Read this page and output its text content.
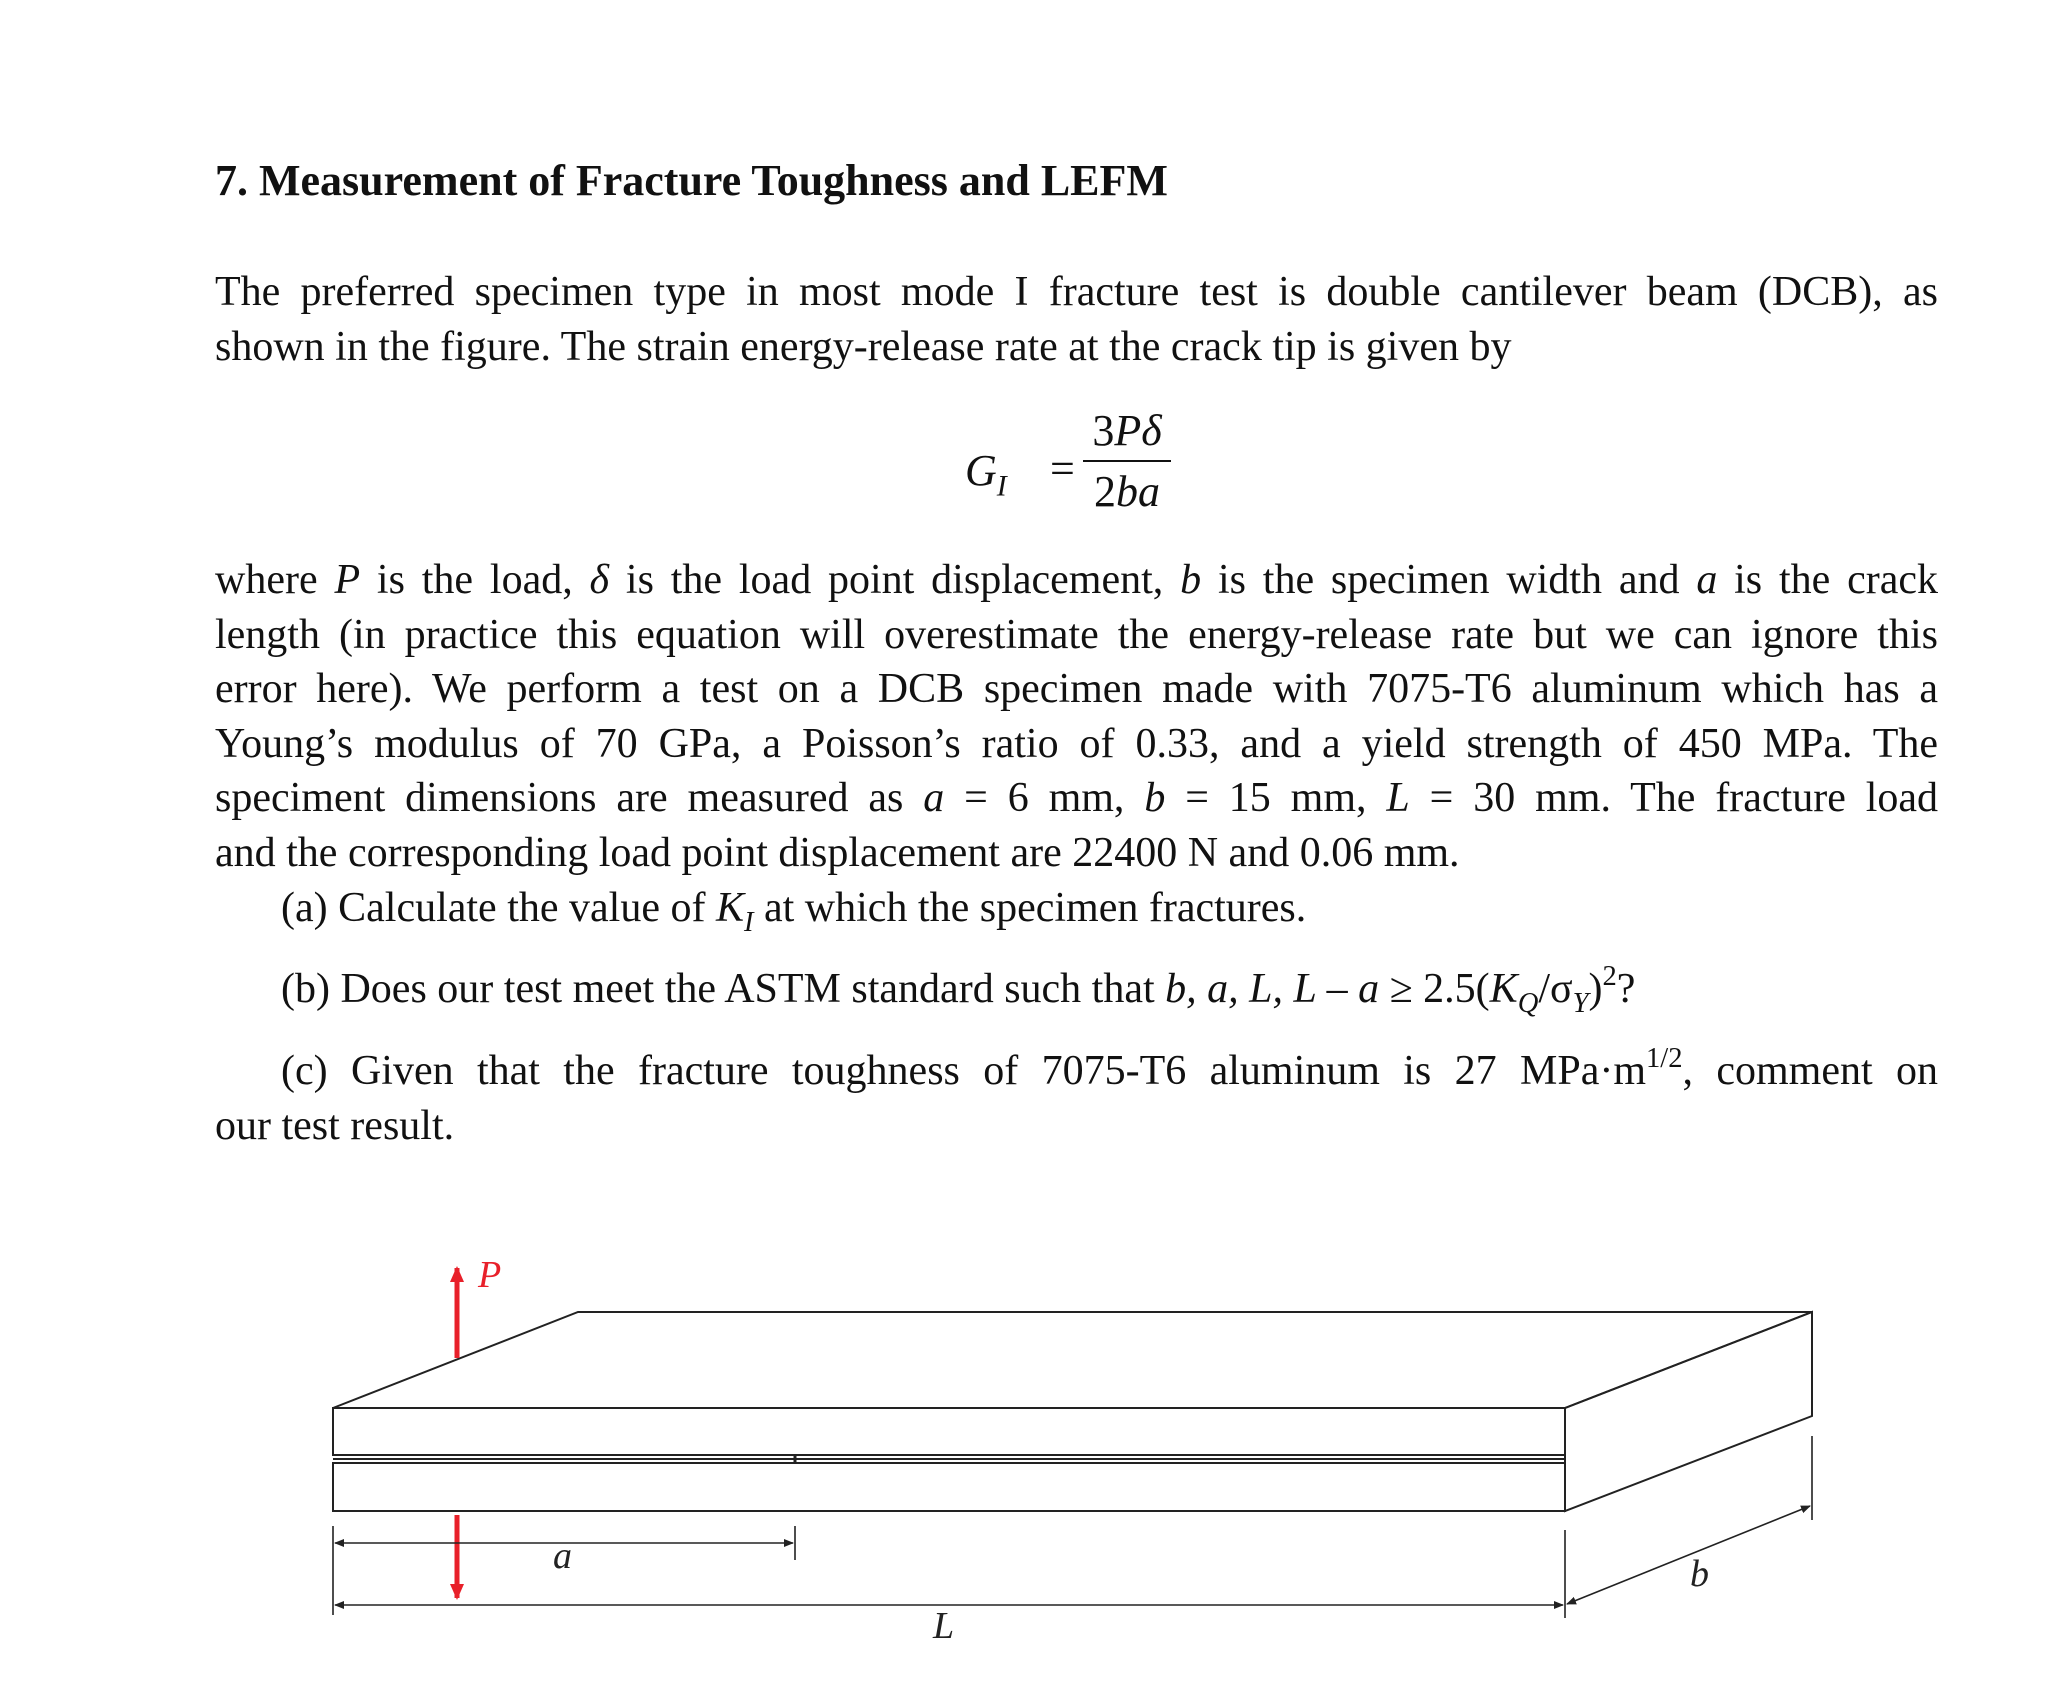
7. Measurement of Fracture Toughness and LEFM
The preferred specimen type in most mode I fracture test is double cantilever beam (DCB), as
shown in the figure. The strain energy-release rate at the crack tip is given by
$G_I = \frac{3P\delta}{2ba}$
where P is the load, δ is the load point displacement, b is the specimen width and a is the crack
length (in practice this equation will overestimate the energy-release rate but we can ignore this
error here). We perform a test on a DCB specimen made with 7075-T6 aluminum which has a
Young’s modulus of 70 GPa, a Poisson’s ratio of 0.33, and a yield strength of 450 MPa. The
speciment dimensions are measured as a = 6 mm, b = 15 mm, L = 30 mm. The fracture load
and the corresponding load point displacement are 22400 N and 0.06 mm.
(a) Calculate the value of $K_I$ at which the specimen fractures.
(b) Does our test meet the ASTM standard such that b, a, L, $L - a \ge 2.5(K_Q/\sigma_Y)^2$?
(c) Given that the fracture toughness of 7075-T6 aluminum is 27 $MPa\cdot m^{1/2}$, comment on
our test result.
P
a
L
b
